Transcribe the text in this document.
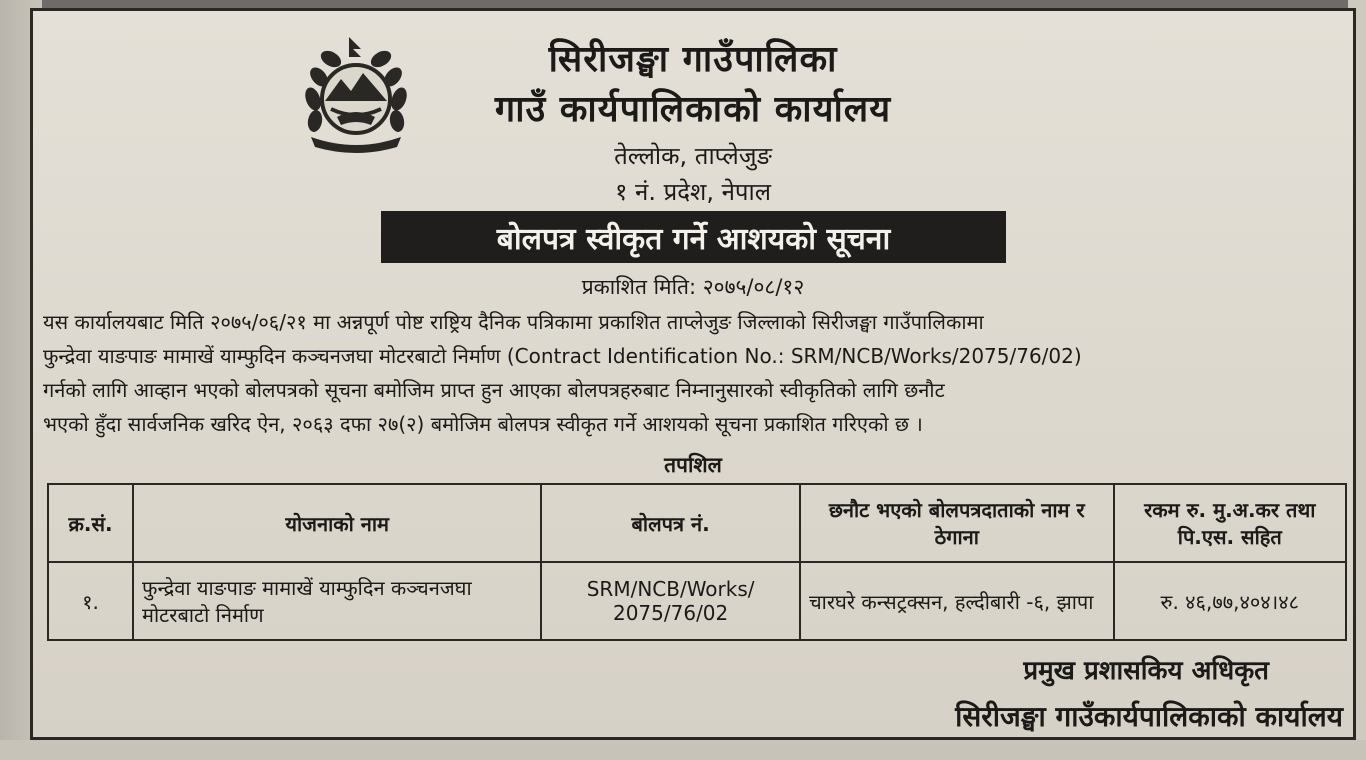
सिरीजङ्घा गाउँपालिका
गाउँ कार्यपालिकाको कार्यालय
तेल्लोक, ताप्लेजुङ
१ नं. प्रदेश, नेपाल
बोलपत्र स्वीकृत गर्ने आशयको सूचना
प्रकाशित मिति: २०७५/०८/१२
यस कार्यालयबाट मिति २०७५/०६/२१ मा अन्नपूर्ण पोष्ट राष्ट्रिय दैनिक पत्रिकामा प्रकाशित ताप्लेजुङ जिल्लाको सिरीजङ्घा गाउँपालिकामा
फुन्द्रेवा याङपाङ मामाखें याम्फुदिन कञ्चनजघा मोटरबाटो निर्माण (Contract Identification No.: SRM/NCB/Works/2075/76/02)
गर्नको लागि आव्हान भएको बोलपत्रको सूचना बमोजिम प्राप्त हुन आएका बोलपत्रहरुबाट निम्नानुसारको स्वीकृतिको लागि छनौट
भएको हुँदा सार्वजनिक खरिद ऐन, २०६३ दफा २७(२) बमोजिम बोलपत्र स्वीकृत गर्ने आशयको सूचना प्रकाशित गरिएको छ ।
तपशिल
क्र.सं.	योजनाको नाम	बोलपत्र नं.	छनौट भएको बोलपत्रदाताको नाम र ठेगाना	रकम रु. मु.अ.कर तथा पि.एस. सहित
१.	फुन्द्रेवा याङपाङ मामाखें याम्फुदिन कञ्चनजघा मोटरबाटो निर्माण	SRM/NCB/Works/ 2075/76/02	चारघरे कन्सट्रक्सन, हल्दीबारी -६, झापा	रु. ४६,७७,४०४।४८
प्रमुख प्रशासकिय अधिकृत
सिरीजङ्घा गाउँकार्यपालिकाको कार्यालय
